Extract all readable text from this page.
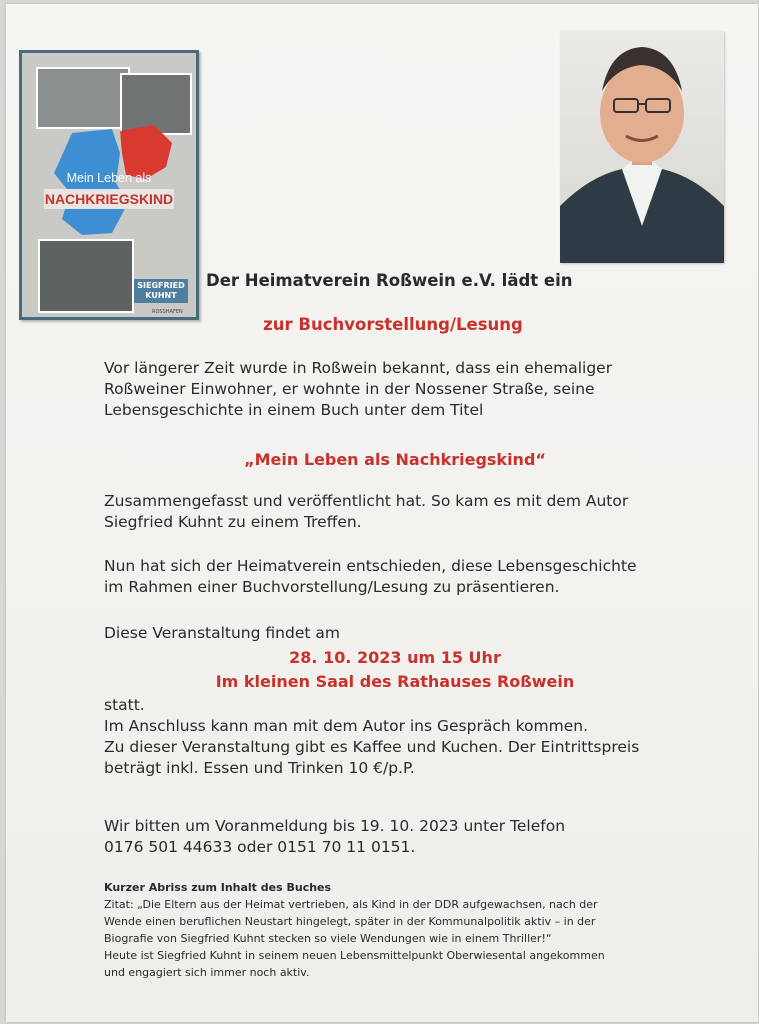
Mein Leben als
NACHKRIEGSKIND
SIEGFRIED
KUHNT
ROSSHAFEN
Der Heimatverein Roßwein e.V. lädt ein
zur Buchvorstellung/Lesung
Vor längerer Zeit wurde in Roßwein bekannt, dass ein ehemaliger
Roßweiner Einwohner, er wohnte in der Nossener Straße, seine
Lebensgeschichte in einem Buch unter dem Titel
„Mein Leben als Nachkriegskind“
Zusammengefasst und veröffentlicht hat. So kam es mit dem Autor
Siegfried Kuhnt zu einem Treffen.
Nun hat sich der Heimatverein entschieden, diese Lebensgeschichte
im Rahmen einer Buchvorstellung/Lesung zu präsentieren.
Diese Veranstaltung findet am
28. 10. 2023 um 15 Uhr
Im kleinen Saal des Rathauses Roßwein
statt.
Im Anschluss kann man mit dem Autor ins Gespräch kommen.
Zu dieser Veranstaltung gibt es Kaffee und Kuchen. Der Eintrittspreis
beträgt inkl. Essen und Trinken 10 €/p.P.
Wir bitten um Voranmeldung bis 19. 10. 2023 unter Telefon
0176 501 44633 oder 0151 70 11 0151.
Kurzer Abriss zum Inhalt des Buches
Zitat: „Die Eltern aus der Heimat vertrieben, als Kind in der DDR aufgewachsen, nach der
Wende einen beruflichen Neustart hingelegt, später in der Kommunalpolitik aktiv – in der
Biografie von Siegfried Kuhnt stecken so viele Wendungen wie in einem Thriller!“
Heute ist Siegfried Kuhnt in seinem neuen Lebensmittelpunkt Oberwiesental angekommen
und engagiert sich immer noch aktiv.
